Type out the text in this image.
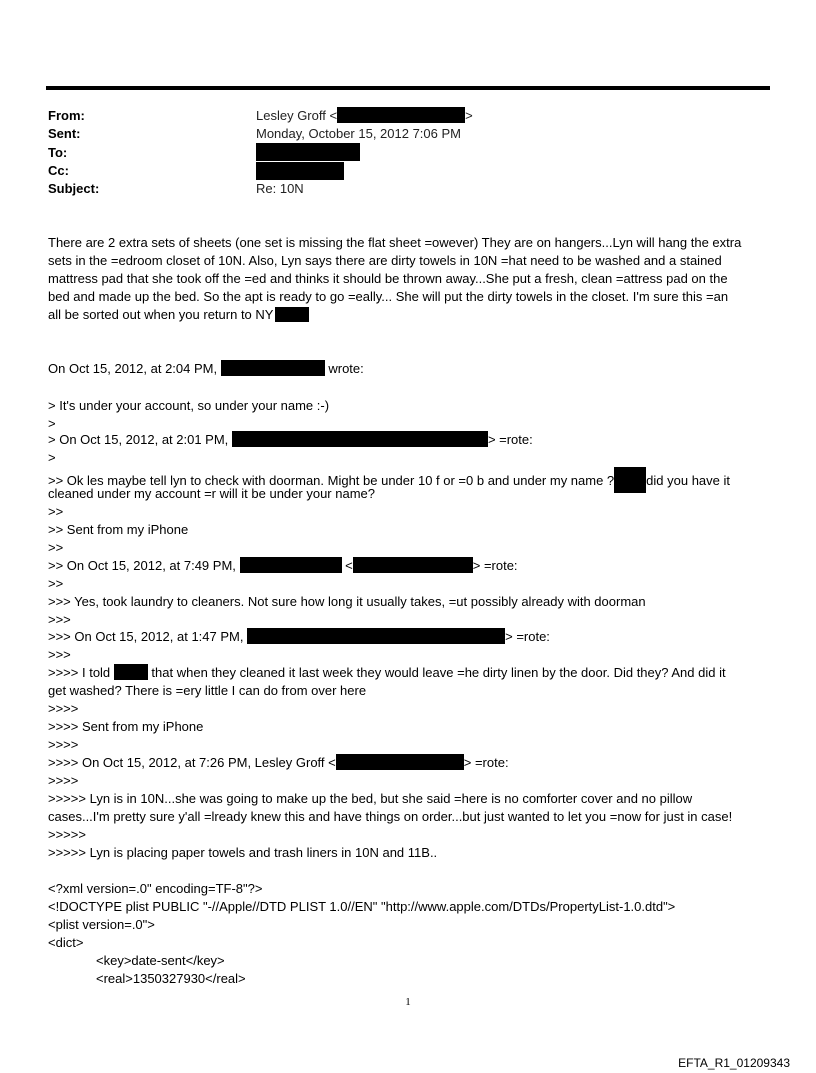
From:	Lesley Groff <	>
Sent:	Monday, October 15, 2012 7:06 PM
To:
Cc:
Subject:	Re: 10N
There are 2 extra sets of sheets (one set is missing the flat sheet =owever) They are on hangers...Lyn will hang the extra
sets in the =edroom closet of 10N. Also, Lyn says there are dirty towels in 10N =hat need to be washed and a stained
mattress pad that she took off the =ed and thinks it should be thrown away...She put a fresh, clean =attress pad on the
bed and made up the bed. So the apt is ready to go =eally... She will put the dirty towels in the closet. I'm sure this =an
all be sorted out when you return to NY
On Oct 15, 2012, at 2:04 PM,	wrote:
> It's under your account, so under your name :-)
>
> On Oct 15, 2012, at 2:01 PM,	> =rote:
>
>> Ok les maybe tell lyn to check with doorman. Might be under 10 f or =0 b and under my name ? did you have it
cleaned under my account =r will it be under your name?
>>
>> Sent from my iPhone
>>
>> On Oct 15, 2012, at 7:49 PM,	<	> =rote:
>>
>>> Yes, took laundry to cleaners. Not sure how long it usually takes, =ut possibly already with doorman
>>>
>>> On Oct 15, 2012, at 1:47 PM,	> =rote:
>>>
>>>> I told	that when they cleaned it last week they would leave =he dirty linen by the door. Did they? And did it
get washed? There is =ery little I can do from over here
>>>>
>>>> Sent from my iPhone
>>>>
>>>> On Oct 15, 2012, at 7:26 PM, Lesley Groff <	> =rote:
>>>>
>>>>> Lyn is in 10N...she was going to make up the bed, but she said =here is no comforter cover and no pillow
cases...I'm pretty sure y'all =lready knew this and have things on order...but just wanted to let you =now for just in case!
>>>>>
>>>>> Lyn is placing paper towels and trash liners in 10N and 11B..
<?xml version=.0" encoding=TF-8"?>
<!DOCTYPE plist PUBLIC "-//Apple//DTD PLIST 1.0//EN" "http://www.apple.com/DTDs/PropertyList-1.0.dtd">
<plist version=.0">
<dict>
<key>date-sent</key>
<real>1350327930</real>
1
EFTA_R1_01209343
